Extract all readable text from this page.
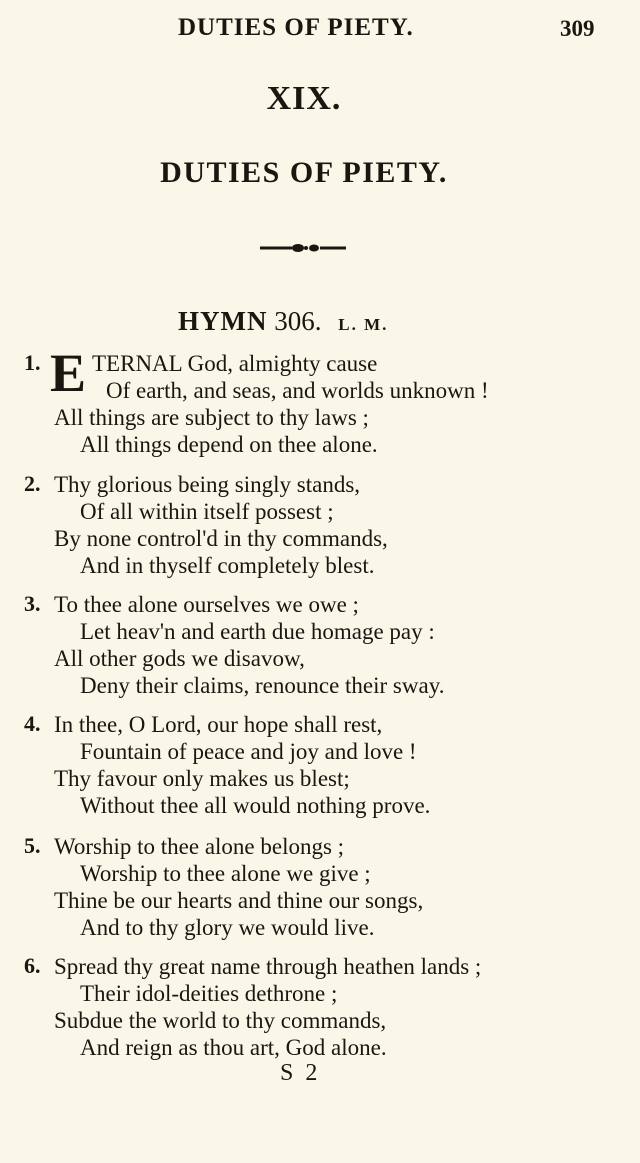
DUTIES OF PIETY.	309
XIX.
DUTIES OF PIETY.
HYMN 306. L. M.
1. E TERNAL God, almighty cause
Of earth, and seas, and worlds unknown !
All things are subject to thy laws ;
All things depend on thee alone.
2. Thy glorious being singly stands,
Of all within itself possest ;
By none control'd in thy commands,
And in thyself completely blest.
3. To thee alone ourselves we owe ;
Let heav'n and earth due homage pay :
All other gods we disavow,
Deny their claims, renounce their sway.
4. In thee, O Lord, our hope shall rest,
Fountain of peace and joy and love !
Thy favour only makes us blest;
Without thee all would nothing prove.
5. Worship to thee alone belongs ;
Worship to thee alone we give ;
Thine be our hearts and thine our songs,
And to thy glory we would live.
6. Spread thy great name through heathen lands ;
Their idol-deities dethrone ;
Subdue the world to thy commands,
And reign as thou art, God alone.
S 2
